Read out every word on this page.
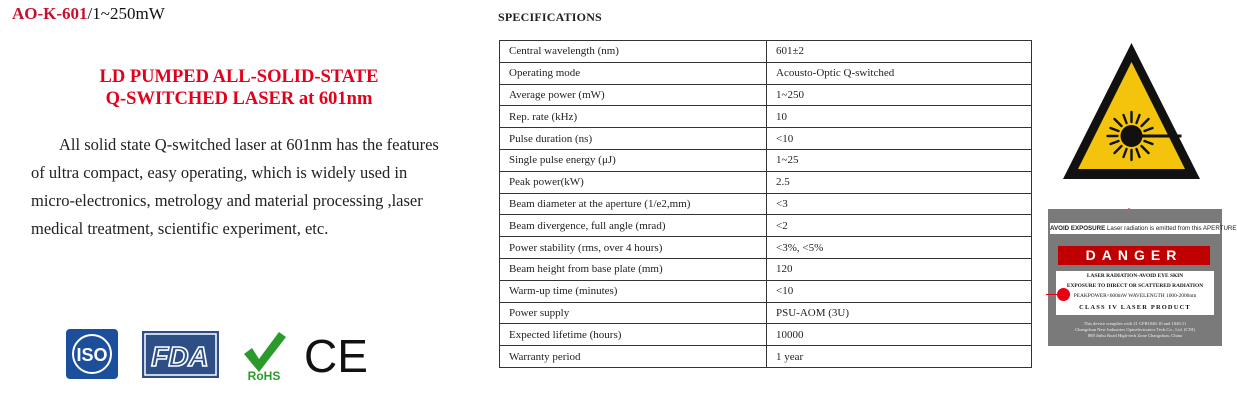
AO-K-601/1~250mW
LD PUMPED ALL-SOLID-STATE
Q-SWITCHED LASER at 601nm
All solid state Q-switched laser at 601nm has the features of ultra compact, easy operating, which is widely used in micro-electronics, metrology and material processing ,laser medical treatment, scientific experiment, etc.
ISO FDA
RoHS CE
SPECIFICATIONS
Central wavelength (nm)	601±2
Operating mode	Acousto-Optic Q-switched
Average power (mW)	1~250
Rep. rate (kHz)	10
Pulse duration (ns)	<10
Single pulse energy (μJ)	1~25
Peak power(kW)	2.5
Beam diameter at the aperture (1/e2,mm)	<3
Beam divergence, full angle (mrad)	<2
Power stability (rms, over 4 hours)	<3%, <5%
Beam height from base plate (mm)	120
Warm-up time (minutes)	<10
Power supply	PSU-AOM (3U)
Expected lifetime (hours)	10000
Warranty period	1 year
AVOID EXPOSURE Laser radiation is emitted from this APERTURE
DANGER
LASER RADIATION-AVOID EYE SKIN
EXPOSURE TO DIRECT OR SCATTERED RADIATION
PEAKPOWER<600mW WAVELENGTH 1000-2000nm
CLASS IV LASER PRODUCT
This device complies with 21 CFR1040.10 and 1040.11
Changchun New Industries Optoelectronics Tech.Co., Ltd. (CNI)
888 Jinhu Road High-tech Zone Changchun, China
